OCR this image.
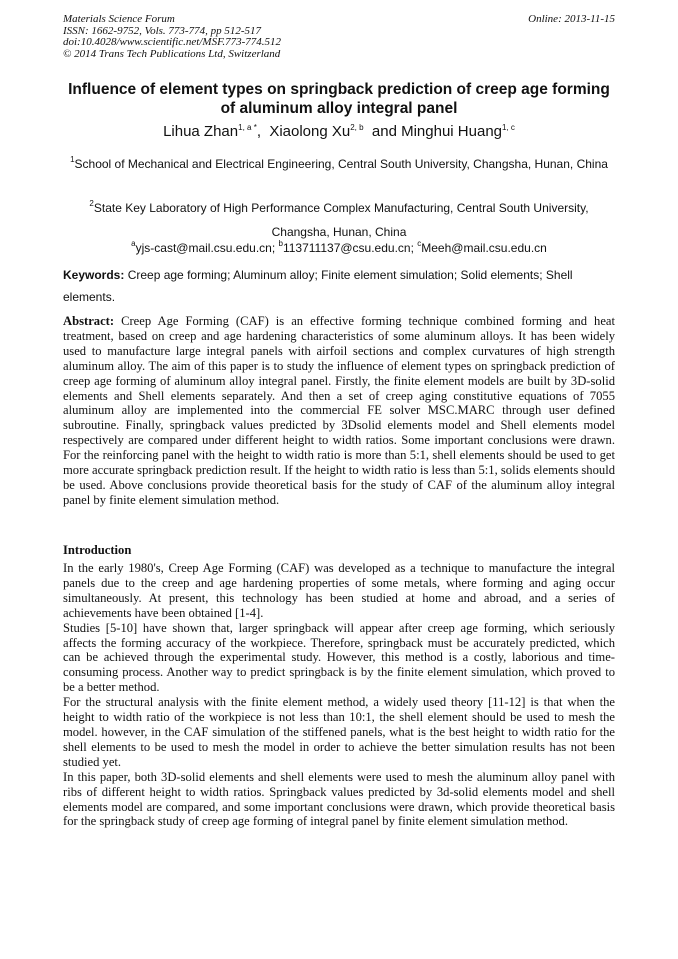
Materials Science Forum
ISSN: 1662-9752, Vols. 773-774, pp 512-517
doi:10.4028/www.scientific.net/MSF.773-774.512
© 2014 Trans Tech Publications Ltd, Switzerland
Online: 2013-11-15
Influence of element types on springback prediction of creep age forming of aluminum alloy integral panel
Lihua Zhan$^{1, a *}$,  Xiaolong Xu$^{2, b}$  and Minghui Huang$^{1, c}$
$^1$School of Mechanical and Electrical Engineering, Central South University, Changsha, Hunan, China
$^2$State Key Laboratory of High Performance Complex Manufacturing, Central South University, Changsha, Hunan, China
$^a$yjs-cast@mail.csu.edu.cn; $^b$113711137@csu.edu.cn; $^c$Meeh@mail.csu.edu.cn
Keywords: Creep age forming; Aluminum alloy; Finite element simulation; Solid elements; Shell elements.
Abstract: Creep Age Forming (CAF) is an effective forming technique combined forming and heat treatment, based on creep and age hardening characteristics of some aluminum alloys. It has been widely used to manufacture large integral panels with airfoil sections and complex curvatures of high strength aluminum alloy. The aim of this paper is to study the influence of element types on springback prediction of creep age forming of aluminum alloy integral panel. Firstly, the finite element models are built by 3D-solid elements and Shell elements separately. And then a set of creep aging constitutive equations of 7055 aluminum alloy are implemented into the commercial FE solver MSC.MARC through user defined subroutine. Finally, springback values predicted by 3Dsolid elements model and Shell elements model respectively are compared under different height to width ratios. Some important conclusions were drawn. For the reinforcing panel with the height to width ratio is more than 5:1, shell elements should be used to get more accurate springback prediction result. If the height to width ratio is less than 5:1, solids elements should be used. Above conclusions provide theoretical basis for the study of CAF of the aluminum alloy integral panel by finite element simulation method.
Introduction

In the early 1980's, Creep Age Forming (CAF) was developed as a technique to manufacture the integral panels due to the creep and age hardening properties of some metals, where forming and aging occur simultaneously. At present, this technology has been studied at home and abroad, and a series of achievements have been obtained [1-4].

Studies [5-10] have shown that, larger springback will appear after creep age forming, which seriously affects the forming accuracy of the workpiece. Therefore, springback must be accurately predicted, which can be achieved through the experimental study. However, this method is a costly, laborious and time-consuming process. Another way to predict springback is by the finite element simulation, which proved to be a better method.

For the structural analysis with the finite element method, a widely used theory [11-12] is that when the height to width ratio of the workpiece is not less than 10:1, the shell element should be used to mesh the model. however, in the CAF simulation of the stiffened panels, what is the best height to width ratio for the shell elements to be used to mesh the model in order to achieve the better simulation results has not been studied yet.

In this paper, both 3D-solid elements and shell elements were used to mesh the aluminum alloy panel with ribs of different height to width ratios. Springback values predicted by 3d-solid elements model and shell elements model are compared, and some important conclusions were drawn, which provide theoretical basis for the springback study of creep age forming of integral panel by finite element simulation method.
